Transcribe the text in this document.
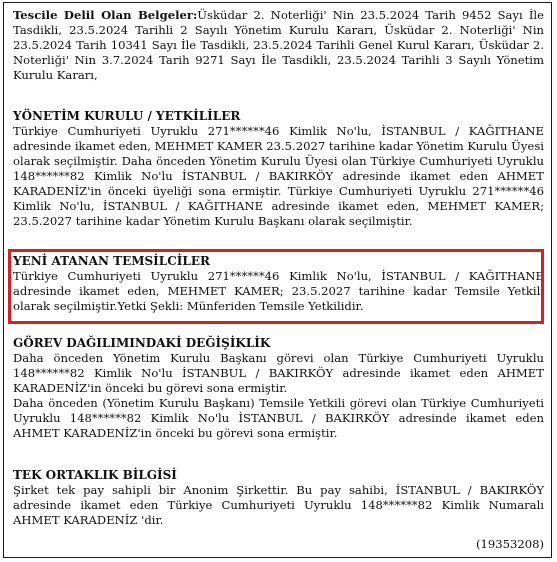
Tescile Delil Olan Belgeler:Üsküdar 2. Noterliği' Nin 23.5.2024 Tarih 9452 Sayı İle Tasdikli, 23.5.2024 Tarihli 2 Sayılı Yönetim Kurulu Kararı, Üsküdar 2. Noterliği' Nin 23.5.2024 Tarih 10341 Sayı İle Tasdikli, 23.5.2024 Tarihli Genel Kurul Kararı, Üsküdar 2. Noterliği' Nin 3.7.2024 Tarih 9271 Sayı İle Tasdikli, 23.5.2024 Tarihli 3 Sayılı Yönetim Kurulu Kararı,

YÖNETİM KURULU / YETKİLİLER

Türkiye Cumhuriyeti Uyruklu 271******46 Kimlik No'lu, İSTANBUL / KAĞITHANE adresinde ikamet eden, MEHMET KAMER 23.5.2027 tarihine kadar Yönetim Kurulu Üyesi olarak seçilmiştir. Daha önceden Yönetim Kurulu Üyesi olan Türkiye Cumhuriyeti Uyruklu 148******82 Kimlik No'lu İSTANBUL / BAKIRKÖY adresinde ikamet eden AHMET KARADENİZ'in önceki üyeliği sona ermiştir. Türkiye Cumhuriyeti Uyruklu 271******46 Kimlik No'lu, İSTANBUL / KAĞITHANE adresinde ikamet eden, MEHMET KAMER; 23.5.2027 tarihine kadar Yönetim Kurulu Başkanı olarak seçilmiştir.

YENİ ATANAN TEMSİLCİLER

Türkiye Cumhuriyeti Uyruklu 271******46 Kimlik No'lu, İSTANBUL / KAĞITHANE adresinde ikamet eden, MEHMET KAMER; 23.5.2027 tarihine kadar Temsile Yetkili olarak seçilmiştir.Yetki Şekli: Münferiden Temsile Yetkilidir.

GÖREV DAĞILIMINDAKİ DEĞİŞİKLİK

Daha önceden Yönetim Kurulu Başkanı görevi olan Türkiye Cumhuriyeti Uyruklu 148******82 Kimlik No'lu İSTANBUL / BAKIRKÖY adresinde ikamet eden AHMET KARADENİZ'in önceki bu görevi sona ermiştir.

Daha önceden (Yönetim Kurulu Başkanı) Temsile Yetkili görevi olan Türkiye Cumhuriyeti Uyruklu 148******82 Kimlik No'lu İSTANBUL / BAKIRKÖY adresinde ikamet eden AHMET KARADENİZ'in önceki bu görevi sona ermiştir.

TEK ORTAKLIK BİLGİSİ

Şirket tek pay sahipli bir Anonim Şirkettir. Bu pay sahibi, İSTANBUL / BAKIRKÖY adresinde ikamet eden Türkiye Cumhuriyeti Uyruklu 148******82 Kimlik Numaralı AHMET KARADENİZ 'dir.

(19353208)
